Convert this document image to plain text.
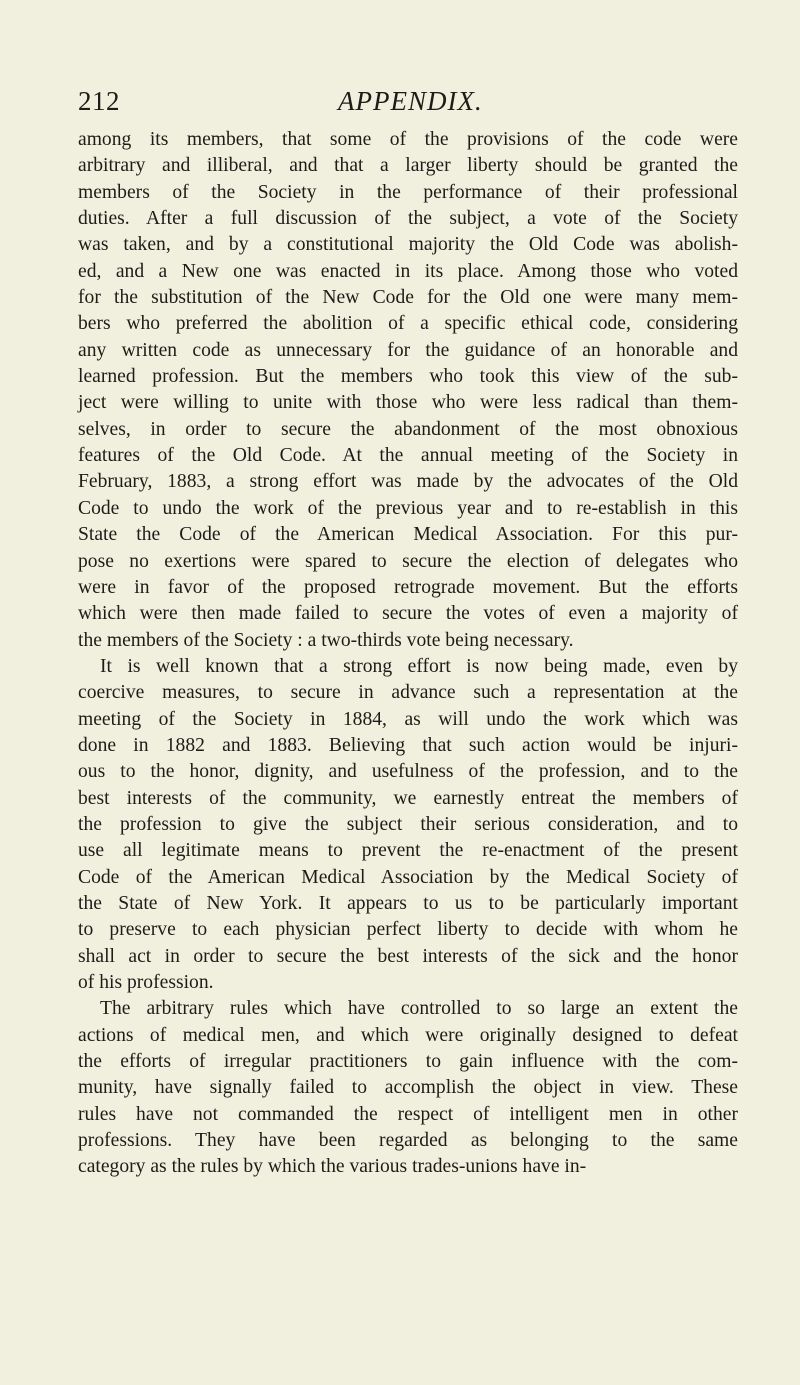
212	APPENDIX.
among its members, that some of the provisions of the code were
arbitrary and illiberal, and that a larger liberty should be granted the
members of the Society in the performance of their professional
duties. After a full discussion of the subject, a vote of the Society
was taken, and by a constitutional majority the Old Code was abolish-
ed, and a New one was enacted in its place. Among those who voted
for the substitution of the New Code for the Old one were many mem-
bers who preferred the abolition of a specific ethical code, considering
any written code as unnecessary for the guidance of an honorable and
learned profession. But the members who took this view of the sub-
ject were willing to unite with those who were less radical than them-
selves, in order to secure the abandonment of the most obnoxious
features of the Old Code. At the annual meeting of the Society in
February, 1883, a strong effort was made by the advocates of the Old
Code to undo the work of the previous year and to re-establish in this
State the Code of the American Medical Association. For this pur-
pose no exertions were spared to secure the election of delegates who
were in favor of the proposed retrograde movement. But the efforts
which were then made failed to secure the votes of even a majority of
the members of the Society : a two-thirds vote being necessary.
It is well known that a strong effort is now being made, even by
coercive measures, to secure in advance such a representation at the
meeting of the Society in 1884, as will undo the work which was
done in 1882 and 1883. Believing that such action would be injuri-
ous to the honor, dignity, and usefulness of the profession, and to the
best interests of the community, we earnestly entreat the members of
the profession to give the subject their serious consideration, and to
use all legitimate means to prevent the re-enactment of the present
Code of the American Medical Association by the Medical Society of
the State of New York. It appears to us to be particularly important
to preserve to each physician perfect liberty to decide with whom he
shall act in order to secure the best interests of the sick and the honor
of his profession.
The arbitrary rules which have controlled to so large an extent the
actions of medical men, and which were originally designed to defeat
the efforts of irregular practitioners to gain influence with the com-
munity, have signally failed to accomplish the object in view. These
rules have not commanded the respect of intelligent men in other
professions. They have been regarded as belonging to the same
category as the rules by which the various trades-unions have in-
